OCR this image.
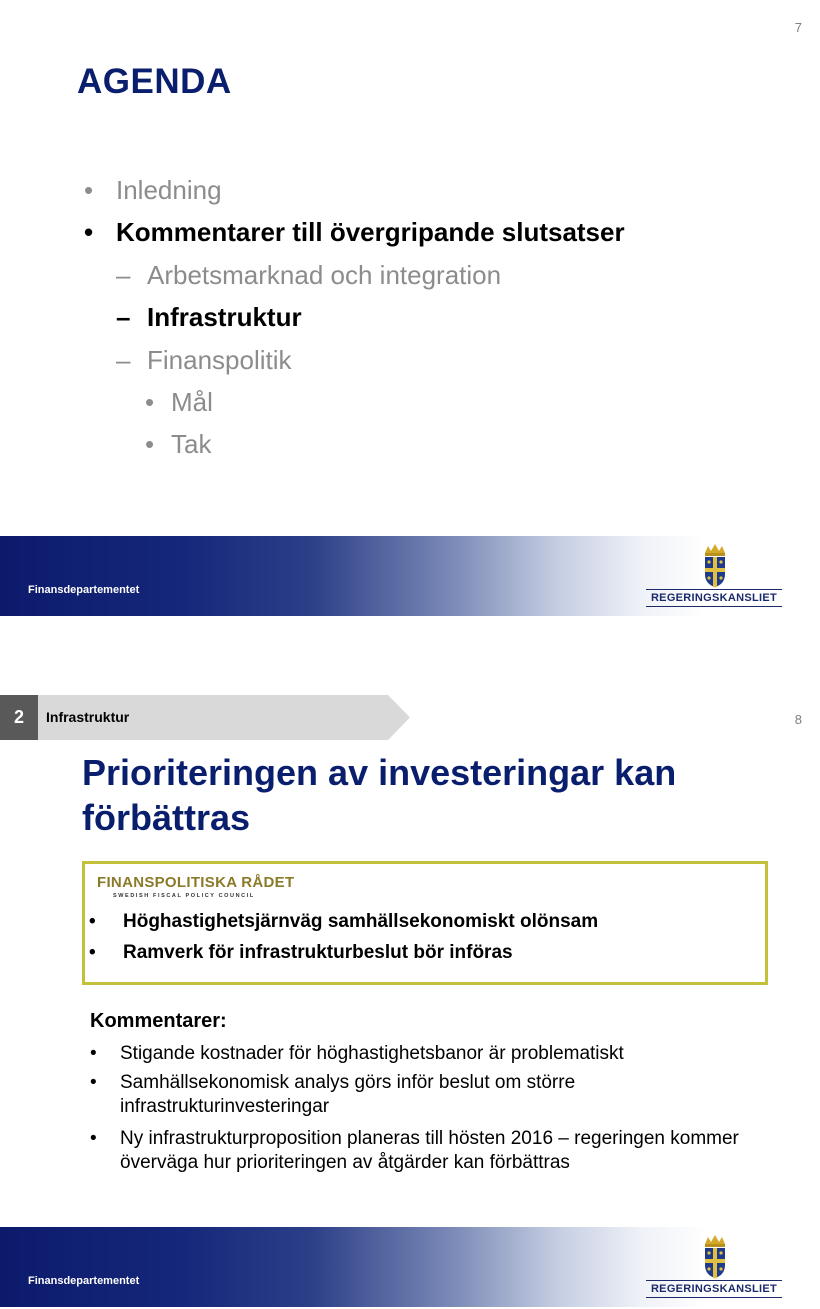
7
AGENDA
• Inledning
• Kommentarer till övergripande slutsatser
– Arbetsmarknad och integration
– Infrastruktur
– Finanspolitik
• Mål
• Tak
Finansdepartementet
REGERINGSKANSLIET
2	Infrastruktur	8
Prioriteringen av investeringar kan förbättras
FINANSPOLITISKA RÅDET
SWEDISH FISCAL POLICY COUNCIL
• Höghastighetsjärnväg samhällsekonomiskt olönsam
• Ramverk för infrastrukturbeslut bör införas
Kommentarer:
• Stigande kostnader för höghastighetsbanor är problematiskt
• Samhällsekonomisk analys görs inför beslut om större infrastrukturinvesteringar
• Ny infrastrukturproposition planeras till hösten 2016 – regeringen kommer överväga hur prioriteringen av åtgärder kan förbättras
Finansdepartementet
REGERINGSKANSLIET
